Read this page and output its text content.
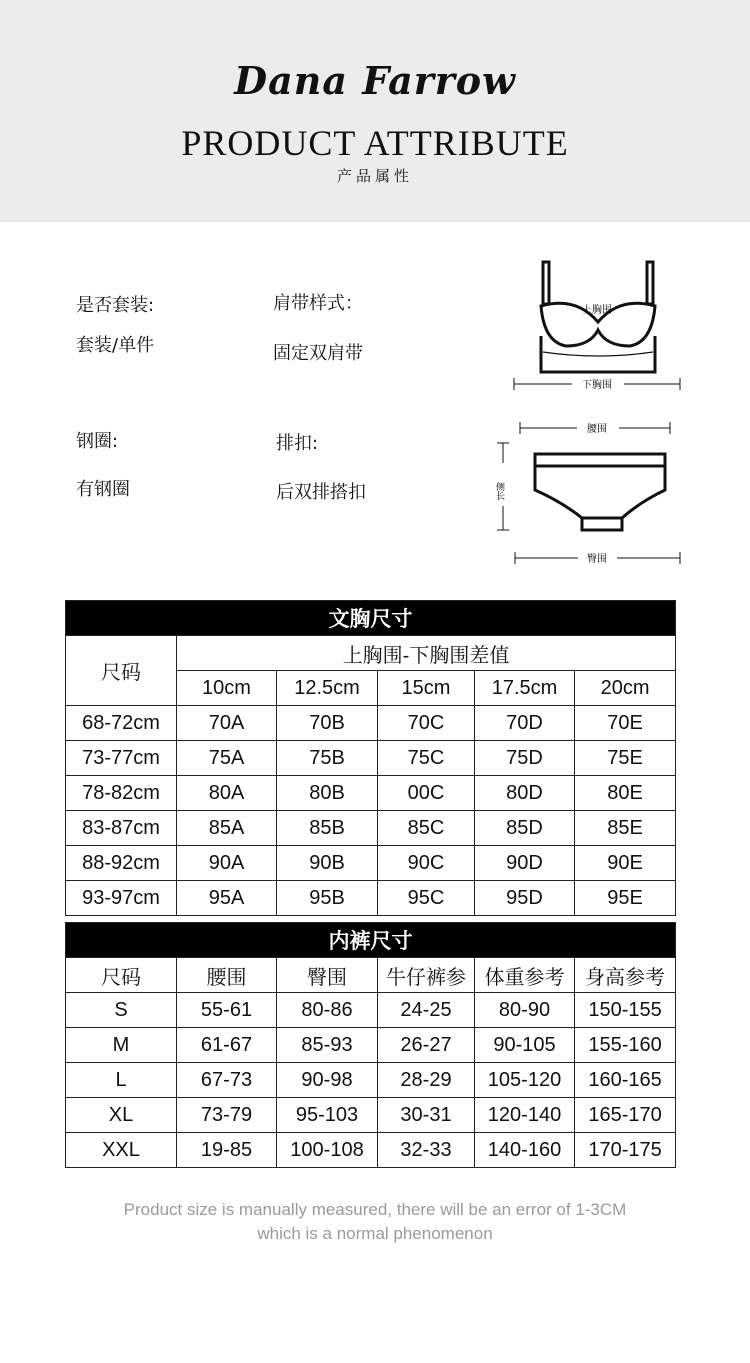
Dana Farrow
PRODUCT ATTRIBUTE
产品属性
是否套装:
套装/单件
肩带样式：
固定双肩带
钢圈:
有钢圈
排扣:
后双排搭扣
上胸围
下胸围
腰围
侧长
臀围
文胸尺寸					
尺码	上胸围-下胸围差值				
	10cm	12.5cm	15cm	17.5cm	20cm
68-72cm	70A	70B	70C	70D	70E
73-77cm	75A	75B	75C	75D	75E
78-82cm	80A	80B	00C	80D	80E
83-87cm	85A	85B	85C	85D	85E
88-92cm	90A	90B	90C	90D	90E
93-97cm	95A	95B	95C	95D	95E
内裤尺寸					
尺码	腰围	臀围	牛仔裤参	体重参考	身高参考
S	55-61	80-86	24-25	80-90	150-155
M	61-67	85-93	26-27	90-105	155-160
L	67-73	90-98	28-29	105-120	160-165
XL	73-79	95-103	30-31	120-140	165-170
XXL	19-85	100-108	32-33	140-160	170-175
Product size is manually measured, there will be an error of 1-3CM
which is a normal phenomenon
